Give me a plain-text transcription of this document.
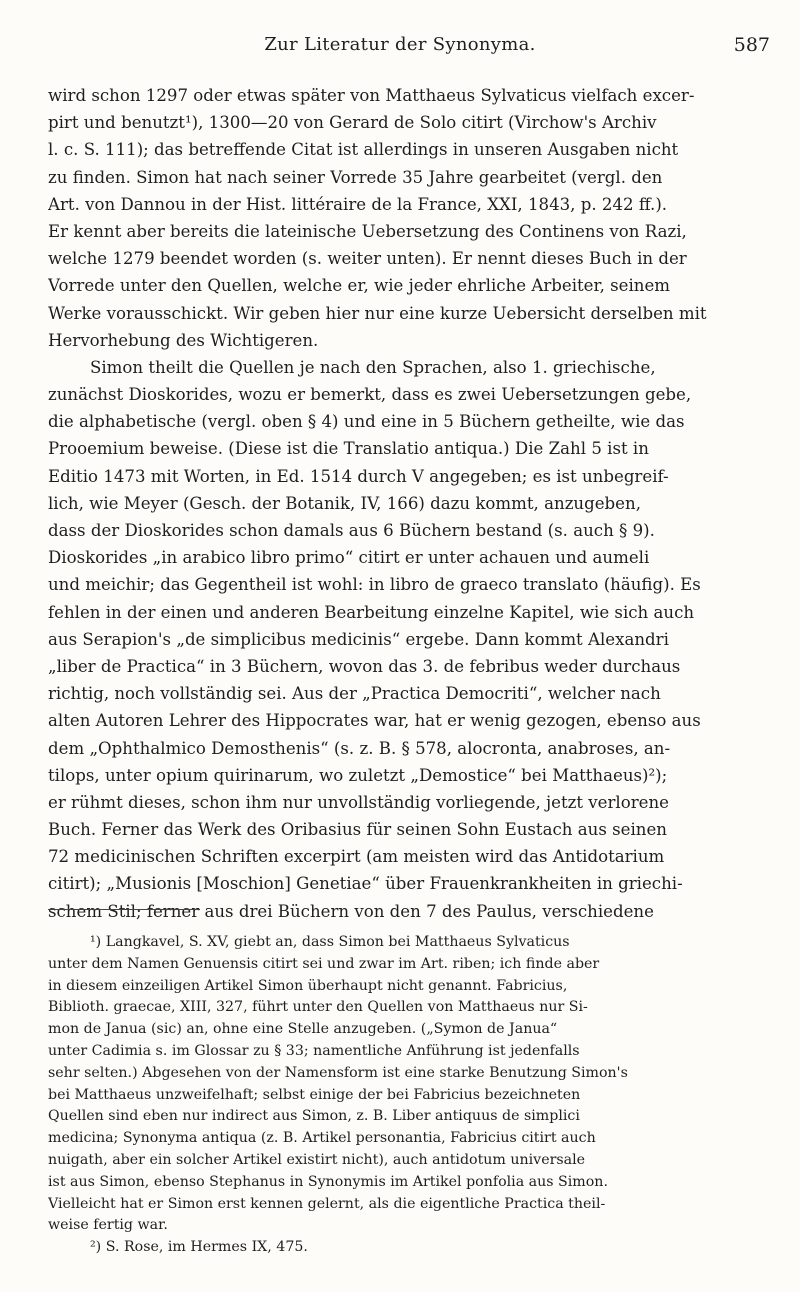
Zur Literatur der Synonyma.	587
wird schon 1297 oder etwas später von Matthaeus Sylvaticus vielfach excer-
pirt und benutzt¹), 1300—20 von Gerard de Solo citirt (Virchow's Archiv
l. c. S. 111); das betreffende Citat ist allerdings in unseren Ausgaben nicht
zu finden. Simon hat nach seiner Vorrede 35 Jahre gearbeitet (vergl. den
Art. von Dannou in der Hist. littéraire de la France, XXI, 1843, p. 242 ff.).
Er kennt aber bereits die lateinische Uebersetzung des Continens von Razi,
welche 1279 beendet worden (s. weiter unten). Er nennt dieses Buch in der
Vorrede unter den Quellen, welche er, wie jeder ehrliche Arbeiter, seinem
Werke vorausschickt. Wir geben hier nur eine kurze Uebersicht derselben mit
Hervorhebung des Wichtigeren.
Simon theilt die Quellen je nach den Sprachen, also 1. griechische,
zunächst Dioskorides, wozu er bemerkt, dass es zwei Uebersetzungen gebe,
die alphabetische (vergl. oben § 4) und eine in 5 Büchern getheilte, wie das
Prooemium beweise. (Diese ist die Translatio antiqua.) Die Zahl 5 ist in
Editio 1473 mit Worten, in Ed. 1514 durch V angegeben; es ist unbegreif-
lich, wie Meyer (Gesch. der Botanik, IV, 166) dazu kommt, anzugeben,
dass der Dioskorides schon damals aus 6 Büchern bestand (s. auch § 9).
Dioskorides „in arabico libro primo“ citirt er unter achauen und aumeli
und meichir; das Gegentheil ist wohl: in libro de graeco translato (häufig). Es
fehlen in der einen und anderen Bearbeitung einzelne Kapitel, wie sich auch
aus Serapion's „de simplicibus medicinis“ ergebe. Dann kommt Alexandri
„liber de Practica“ in 3 Büchern, wovon das 3. de febribus weder durchaus
richtig, noch vollständig sei. Aus der „Practica Democriti“, welcher nach
alten Autoren Lehrer des Hippocrates war, hat er wenig gezogen, ebenso aus
dem „Ophthalmico Demosthenis“ (s. z. B. § 578, alocronta, anabroses, an-
tilops, unter opium quirinarum, wo zuletzt „Demostice“ bei Matthaeus)²);
er rühmt dieses, schon ihm nur unvollständig vorliegende, jetzt verlorene
Buch. Ferner das Werk des Oribasius für seinen Sohn Eustach aus seinen
72 medicinischen Schriften excerpirt (am meisten wird das Antidotarium
citirt); „Musionis [Moschion] Genetiae“ über Frauenkrankheiten in griechi-
schem Stil; ferner aus drei Büchern von den 7 des Paulus, verschiedene
¹) Langkavel, S. XV, giebt an, dass Simon bei Matthaeus Sylvaticus
unter dem Namen Genuensis citirt sei und zwar im Art. riben; ich finde aber
in diesem einzeiligen Artikel Simon überhaupt nicht genannt. Fabricius,
Biblioth. graecae, XIII, 327, führt unter den Quellen von Matthaeus nur Si-
mon de Janua (sic) an, ohne eine Stelle anzugeben. („Symon de Janua“
unter Cadimia s. im Glossar zu § 33; namentliche Anführung ist jedenfalls
sehr selten.) Abgesehen von der Namensform ist eine starke Benutzung Simon's
bei Matthaeus unzweifelhaft; selbst einige der bei Fabricius bezeichneten
Quellen sind eben nur indirect aus Simon, z. B. Liber antiquus de simplici
medicina; Synonyma antiqua (z. B. Artikel personantia, Fabricius citirt auch
nuigath, aber ein solcher Artikel existirt nicht), auch antidotum universale
ist aus Simon, ebenso Stephanus in Synonymis im Artikel ponfolia aus Simon.
Vielleicht hat er Simon erst kennen gelernt, als die eigentliche Practica theil-
weise fertig war.
²) S. Rose, im Hermes IX, 475.
